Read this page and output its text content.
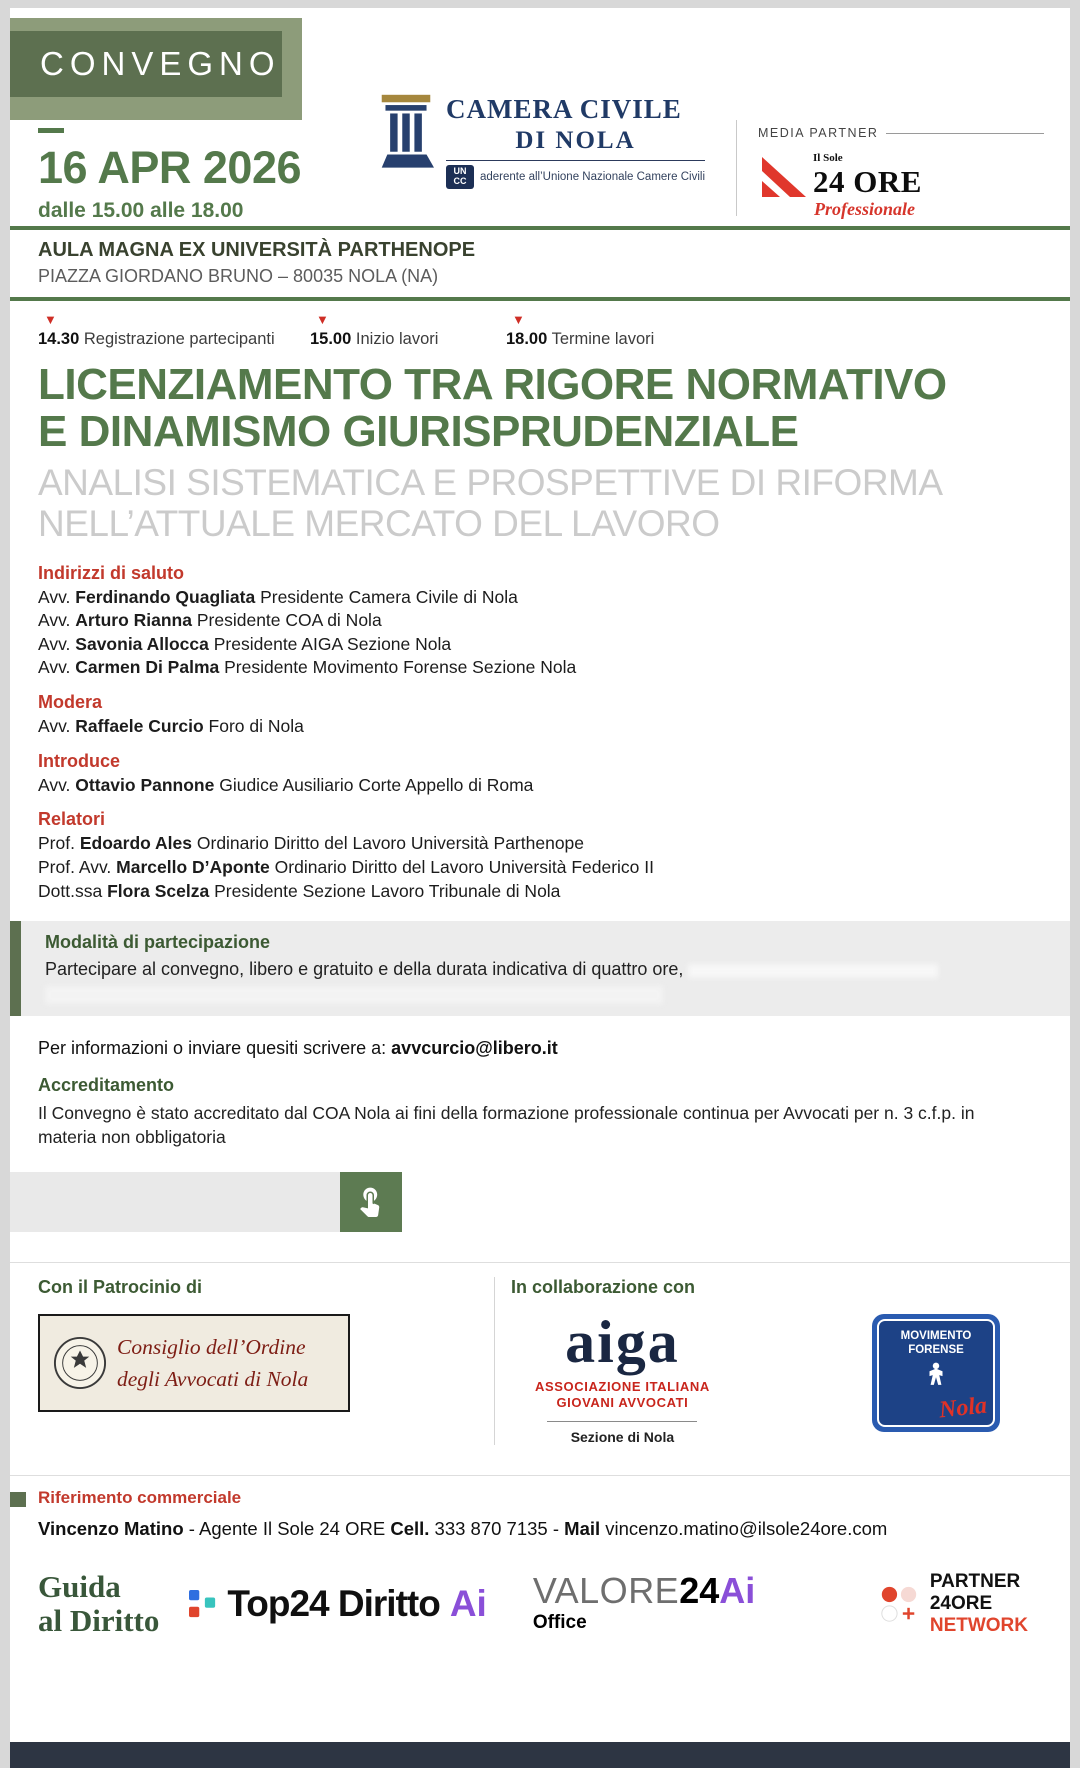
CONVEGNO
16 APR 2026
dalle 15.00 alle 18.00
CAMERA CIVILE
DI NOLA
UN
CC aderente all’Unione Nazionale Camere Civili
MEDIA PARTNER
Il Sole
24 ORE
Professionale
AULA MAGNA EX UNIVERSITÀ PARTHENOPE
PIAZZA GIORDANO BRUNO – 80035 NOLA (NA)
▼
14.30 Registrazione partecipanti
▼
15.00 Inizio lavori
▼
18.00 Termine lavori
LICENZIAMENTO TRA RIGORE NORMATIVO
E DINAMISMO GIURISPRUDENZIALE
ANALISI SISTEMATICA E PROSPETTIVE DI RIFORMA
NELL’ATTUALE MERCATO DEL LAVORO
Indirizzi di saluto

Avv. Ferdinando Quagliata Presidente Camera Civile di Nola

Avv. Arturo Rianna Presidente COA di Nola

Avv. Savonia Allocca Presidente AIGA Sezione Nola

Avv. Carmen Di Palma Presidente Movimento Forense Sezione Nola

Modera

Avv. Raffaele Curcio Foro di Nola

Introduce

Avv. Ottavio Pannone Giudice Ausiliario Corte Appello di Roma

Relatori

Prof. Edoardo Ales Ordinario Diritto del Lavoro Università Parthenope

Prof. Avv. Marcello D’Aponte Ordinario Diritto del Lavoro Università Federico II

Dott.ssa Flora Scelza Presidente Sezione Lavoro Tribunale di Nola

Modalità di partecipazione
Partecipare al convegno, libero e gratuito e della durata indicativa di quattro ore,
Per informazioni o inviare quesiti scrivere a: avvcurcio@libero.it
Accreditamento
Il Convegno è stato accreditato dal COA Nola ai fini della formazione professionale continua per Avvocati per n. 3 c.f.p. in materia non obbligatoria
Con il Patrocinio di
Consiglio dell’Ordine
degli Avvocati di Nola
In collaborazione con
aiga
ASSOCIAZIONE ITALIANA
GIOVANI AVVOCATI
Sezione di Nola
MOVIMENTO
FORENSE
Nola
Riferimento commerciale
Vincenzo Matino - Agente Il Sole 24 ORE Cell. 333 870 7135 - Mail vincenzo.matino@ilsole24ore.com
Guida
al Diritto Top24 Diritto Ai VALORE24Ai
Office
PARTNER
24ORE
NETWORK
